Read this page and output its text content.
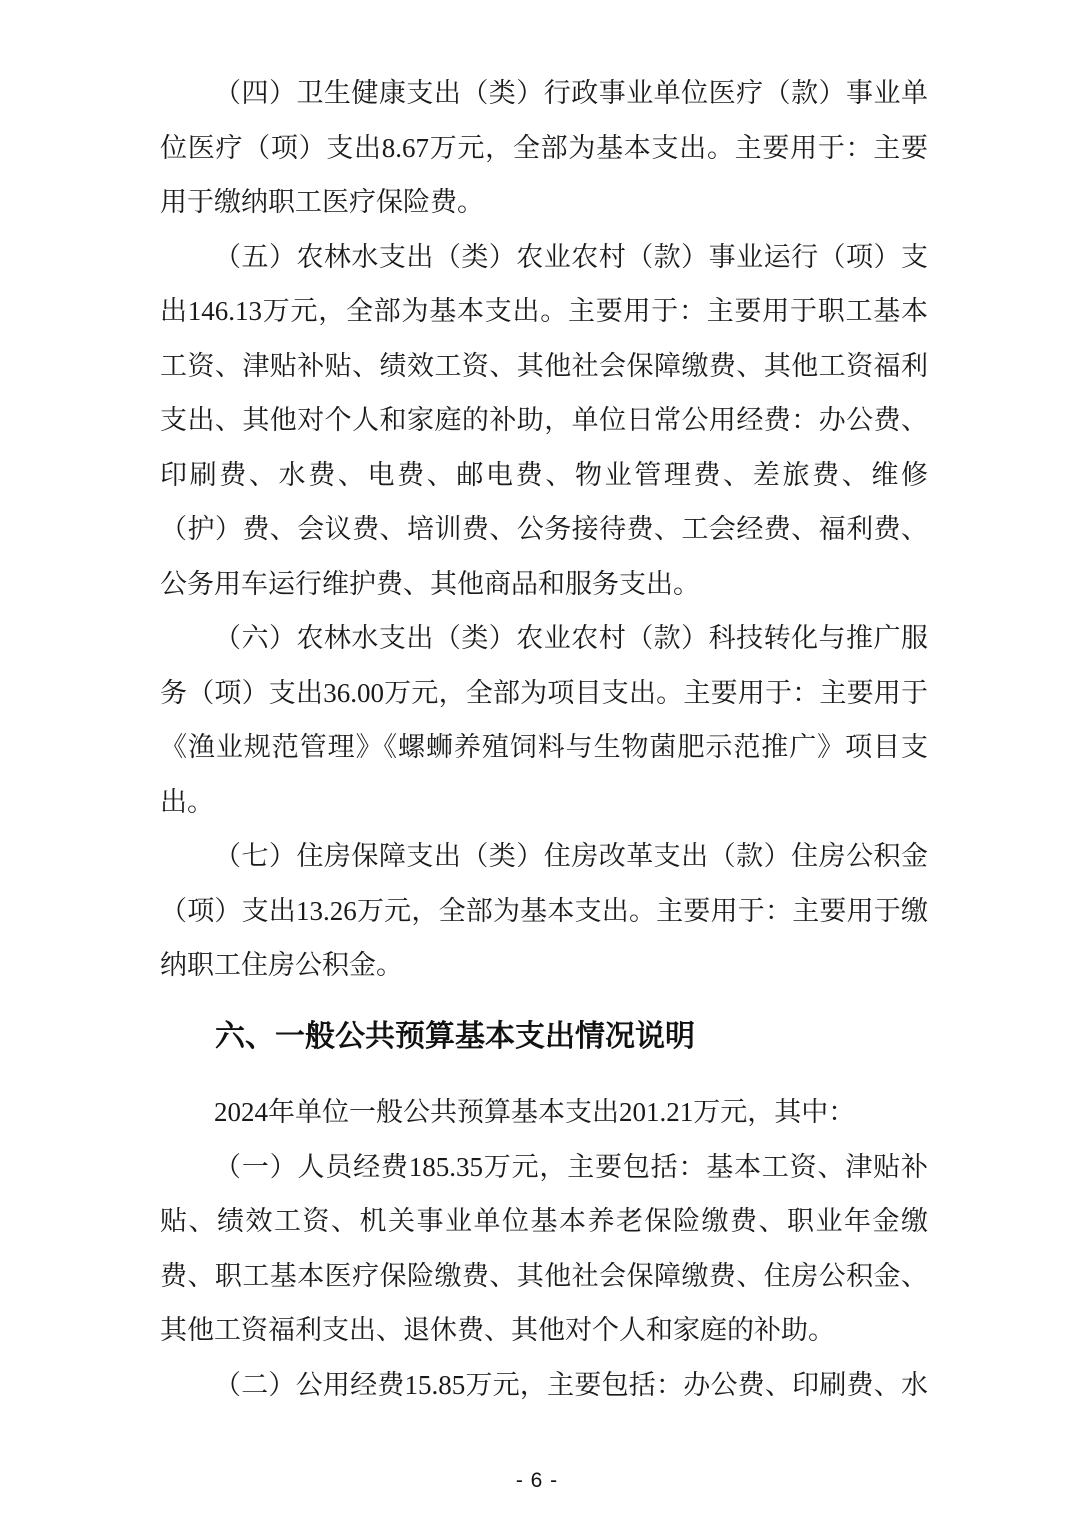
（四）卫生健康支出（类）行政事业单位医疗（款）事业单
位医疗（项）支出8.67万元，全部为基本支出。主要用于：主要
用于缴纳职工医疗保险费。

（五）农林水支出（类）农业农村（款）事业运行（项）支
出146.13万元，全部为基本支出。主要用于：主要用于职工基本
工资、津贴补贴、绩效工资、其他社会保障缴费、其他工资福利
支出、其他对个人和家庭的补助，单位日常公用经费：办公费、
印刷费、水费、电费、邮电费、物业管理费、差旅费、维修
（护）费、会议费、培训费、公务接待费、工会经费、福利费、
公务用车运行维护费、其他商品和服务支出。

（六）农林水支出（类）农业农村（款）科技转化与推广服
务（项）支出36.00万元，全部为项目支出。主要用于：主要用于
《渔业规范管理》《螺蛳养殖饲料与生物菌肥示范推广》项目支
出。

（七）住房保障支出（类）住房改革支出（款）住房公积金
（项）支出13.26万元，全部为基本支出。主要用于：主要用于缴
纳职工住房公积金。

六、一般公共预算基本支出情况说明

2024年单位一般公共预算基本支出201.21万元，其中：

（一）人员经费185.35万元，主要包括：基本工资、津贴补
贴、绩效工资、机关事业单位基本养老保险缴费、职业年金缴
费、职工基本医疗保险缴费、其他社会保障缴费、住房公积金、
其他工资福利支出、退休费、其他对个人和家庭的补助。

（二）公用经费15.85万元，主要包括：办公费、印刷费、水

- 6 -
